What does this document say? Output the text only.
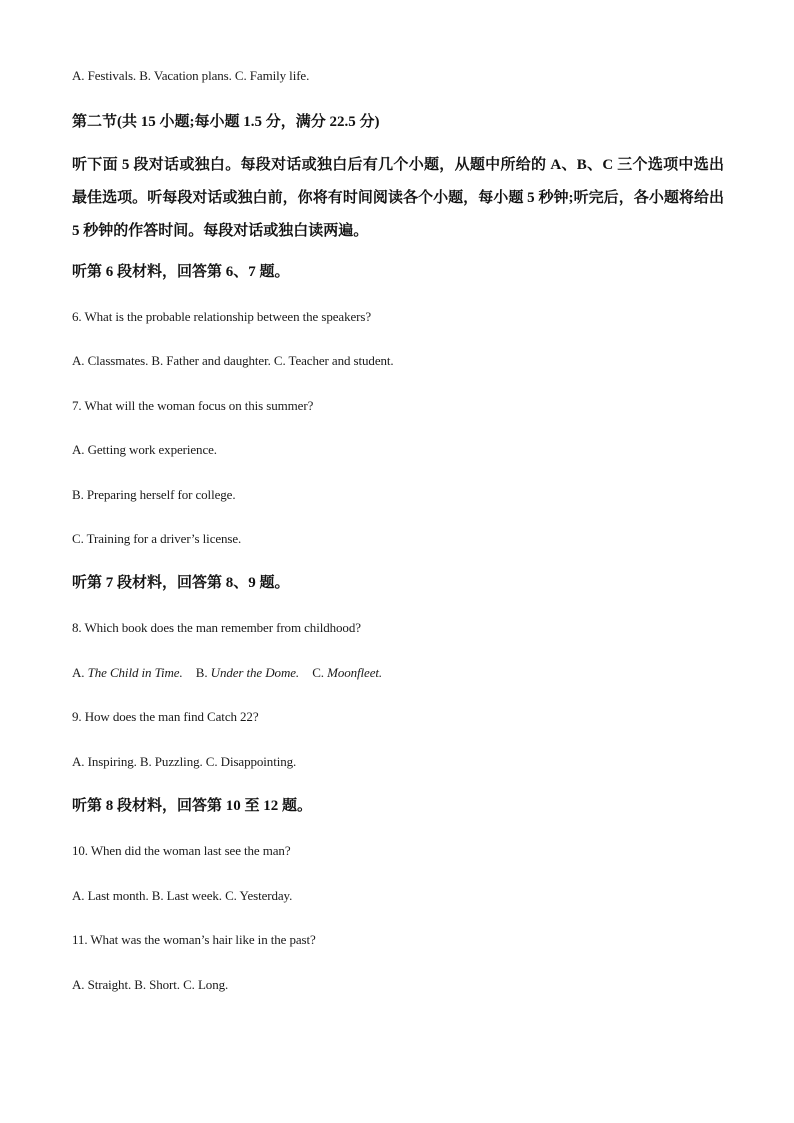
A. Festivals. B. Vacation plans. C. Family life.

第二节(共 15 小题;每小题 1.5 分，满分 22.5 分)

听下面 5 段对话或独白。每段对话或独白后有几个小题，从题中所给的 A、B、C 三个选项中选出最佳选项。听每段对话或独白前，你将有时间阅读各个小题，每小题 5 秒钟;听完后，各小题将给出 5 秒钟的作答时间。每段对话或独白读两遍。

听第 6 段材料，回答第 6、7 题。

6. What is the probable relationship between the speakers?

A. Classmates. B. Father and daughter. C. Teacher and student.

7. What will the woman focus on this summer?

A. Getting work experience.

B. Preparing herself for college.

C. Training for a driver’s license.

听第 7 段材料，回答第 8、9 题。

8. Which book does the man remember from childhood?

A. The Child in Time. B. Under the Dome. C. Moonfleet.

9. How does the man find Catch 22?

A. Inspiring. B. Puzzling. C. Disappointing.

听第 8 段材料，回答第 10 至 12 题。

10. When did the woman last see the man?

A. Last month. B. Last week. C. Yesterday.

11. What was the woman’s hair like in the past?

A. Straight. B. Short. C. Long.
